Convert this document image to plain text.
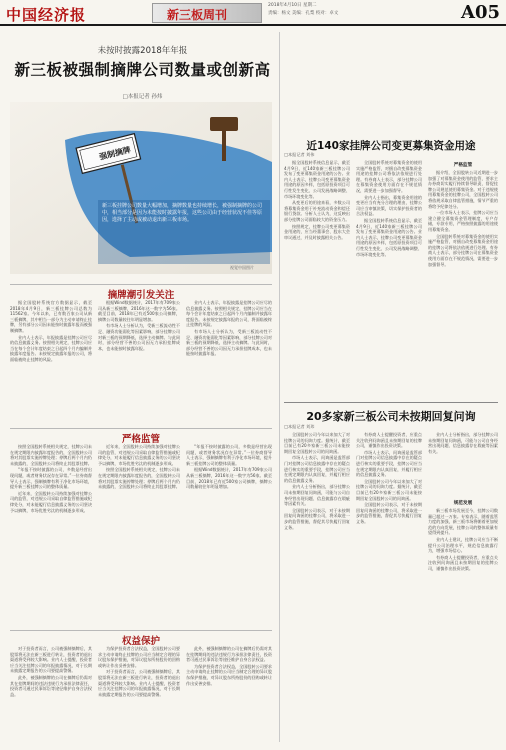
中国经济报	新三板周刊
2018年4月10日 星期二
责编：杨文 美编：孔梨 校对：卓文	A05
未按时披露2018年年报
新三板被强制摘牌公司数量或创新高
□本报记者 孙炜
强制摘牌
新三板挂牌公司数量大幅增加，摘牌数量也持续增长，被强制摘牌的公司中，相当部分是因为未能按时披露年报，这些公司由于经营状况不佳等原因，选择了主动或被动退出新三板市场。
视觉中国图片
摘牌潮引发关注
据全国股转系统官方数据显示，截至2018年4月9日，新三板挂牌公司总数为11562家。今年以来，已有数百家公司从新三板摘牌，其中相当一部分为主动申请终止挂牌，另有部分公司因未能按时披露年报而被强制摘牌。
业内人士表示，年报披露是挂牌公司应尽的信息披露义务。按照相关规定，挂牌公司应当在每个会计年度结束之日起四个月内编制并披露年度报告。未按规定披露年报的公司，将面临被终止挂牌的风险。
根据Wind数据统计，2017年有709家公司从新三板摘牌，2016年这一数字为56家。截至目前，2018年已有近500家公司摘牌，摘牌公司数量较往年明显增加。
有市场人士分析认为，受新三板流动性不足、融资功能弱化等因素影响，部分挂牌公司对新三板的预期降低，选择主动摘牌。与此同时，部分经营不善的公司因无力承担挂牌成本，也未能按时披露年报。
业内人士表示，年报披露是挂牌公司应尽的信息披露义务。按照相关规定，挂牌公司应当在每个会计年度结束之日起四个月内编制并披露年度报告。未按规定披露年报的公司，将面临被终止挂牌的风险。
有市场人士分析认为，受新三板流动性不足、融资功能弱化等因素影响，部分挂牌公司对新三板的预期降低，选择主动摘牌。与此同时，部分经营不善的公司因无力承担挂牌成本，也未能按时披露年报。
严格监管
按照全国股转系统相关规定，挂牌公司未在规定期限内披露年度报告的，全国股转公司将对其股票实施停牌处理；停牌后两个月内仍未披露的，全国股转公司将终止其股票挂牌。
“年报不按时披露的公司，多数是经营出现问题，或者财务状况存在异常。”一位券商督导人士表示，强制摘牌有利于净化市场环境，提升新三板挂牌公司的整体质量。
近年来，全国股转公司持续加强对挂牌公司的监管，对违规公司采取自律监管措施或纪律处分，对未能履行信息披露义务的公司坚决予以摘牌，市场优胜劣汰的机制逐步形成。
近年来，全国股转公司持续加强对挂牌公司的监管，对违规公司采取自律监管措施或纪律处分，对未能履行信息披露义务的公司坚决予以摘牌，市场优胜劣汰的机制逐步形成。
按照全国股转系统相关规定，挂牌公司未在规定期限内披露年度报告的，全国股转公司将对其股票实施停牌处理；停牌后两个月内仍未披露的，全国股转公司将终止其股票挂牌。
“年报不按时披露的公司，多数是经营出现问题，或者财务状况存在异常。”一位券商督导人士表示，强制摘牌有利于净化市场环境，提升新三板挂牌公司的整体质量。
根据Wind数据统计，2017年有709家公司从新三板摘牌，2016年这一数字为56家。截至目前，2018年已有近500家公司摘牌，摘牌公司数量较往年明显增加。
权益保护
对于投资者而言，公司被强制摘牌后，其股票将无法在新三板进行转让，投资者的退出渠道将受到较大影响。业内人士提醒，投资者应当关注挂牌公司的年报披露情况，对于长期未披露定期报告的公司要提高警惕。
此外，被强制摘牌的公司在摘牌后仍需对其在挂牌期间的违法违规行为承担法律责任，投资者可通过民事诉讼等途径维护自身合法权益。
为保护投资者合法权益，全国股转公司要求主动申请终止挂牌的公司应当制定合理的异议股东保护措施，对异议股东所持股份的回购或转让作出妥善安排。
对于投资者而言，公司被强制摘牌后，其股票将无法在新三板进行转让，投资者的退出渠道将受到较大影响。业内人士提醒，投资者应当关注挂牌公司的年报披露情况，对于长期未披露定期报告的公司要提高警惕。
此外，被强制摘牌的公司在摘牌后仍需对其在挂牌期间的违法违规行为承担法律责任，投资者可通过民事诉讼等途径维护自身合法权益。
为保护投资者合法权益，全国股转公司要求主动申请终止挂牌的公司应当制定合理的异议股东保护措施，对异议股东所持股份的回购或转让作出妥善安排。
近140家挂牌公司变更募集资金用途
□本报记者 刘伟
据全国股转系统信息显示，截至4月9日，近140家新三板挂牌公司发布了变更募集资金用途的公告。业内人士表示，挂牌公司变更募集资金用途的原因多样，包括原投资项目可行性发生变化、公司发展战略调整、市场环境变化等。
从变更后的用途来看，多数公司将募集资金用于补充流动资金和偿还银行贷款。分析人士认为，这反映出部分挂牌公司面临较大的资金压力。
按照规定，挂牌公司变更募集资金用途的，应当经董事会、股东大会审议通过，并及时披露相关公告。
全国股转系统对募集资金的使用实施严格监管，对擅自改变募集资金用途的挂牌公司将依法依规进行处理。有券商人士表示，部分挂牌公司在募集资金使用方面存在不规范情况，需要进一步加强督导。
业内人士指出，募集资金用途的变更应当有充分合理的理由，挂牌公司应当审慎决策，切实保护投资者的合法权益。
据全国股转系统信息显示，截至4月9日，近140家新三板挂牌公司发布了变更募集资金用途的公告。业内人士表示，挂牌公司变更募集资金用途的原因多样，包括原投资项目可行性发生变化、公司发展战略调整、市场环境变化等。
严格监管
据介绍，全国股转公司近期进一步加强了对募集资金使用的监管，要求主办券商切实履行持续督导职责，督促挂牌公司规范使用募集资金。对于违规使用募集资金的挂牌公司，全国股转公司将依规采取自律监管措施，情节严重的将给予纪律处分。
一位市场人士表示，挂牌公司应当建立健全募集资金管理制度，专户存储，专款专用，严格按照披露的用途使用募集资金。
全国股转系统对募集资金的使用实施严格监管，对擅自改变募集资金用途的挂牌公司将依法依规进行处理。有券商人士表示，部分挂牌公司在募集资金使用方面存在不规范情况，需要进一步加强督导。
20多家新三板公司未按期回复问询
□本报记者 刘玮
全国股转公司今年以来加大了对挂牌公司的问询力度。据统计，截至目前已有20多家新三板公司未能按期回复全国股转公司的问询函。
市场人士表示，问询函是监管部门对挂牌公司信息披露中存在的疑点进行核实的重要手段，挂牌公司应当在规定期限内认真回复，并履行相应的信息披露义务。
业内人士分析指出，部分挂牌公司未按期回复问询函，可能与公司自身经营出现问题、信息披露存在瑕疵等因素有关。
全国股转公司表示，对于未按期回复问询函的挂牌公司，将采取进一步的监管措施，督促其尽快履行回复义务。
有券商人士提醒投资者，应重点关注收到问询函且未按期回复的挂牌公司，谨慎作出投资决策。
市场人士表示，问询函是监管部门对挂牌公司信息披露中存在的疑点进行核实的重要手段，挂牌公司应当在规定期限内认真回复，并履行相应的信息披露义务。
全国股转公司今年以来加大了对挂牌公司的问询力度。据统计，截至目前已有20多家新三板公司未能按期回复全国股转公司的问询函。
全国股转公司表示，对于未按期回复问询函的挂牌公司，将采取进一步的监管措施，督促其尽快履行回复义务。
规范发展
业内人士分析指出，部分挂牌公司未按期回复问询函，可能与公司自身经营出现问题、信息披露存在瑕疵等因素有关。
新三板市场发展至今，挂牌公司数量已超过一万家。专家表示，随着监管力度的加强，新三板市场将朝着更加规范的方向发展，挂牌公司的整体质量有望得到提升。
业内人士建议，挂牌公司应当不断提升公司治理水平，规范信息披露行为，增强市场信心。
有券商人士提醒投资者，应重点关注收到问询函且未按期回复的挂牌公司，谨慎作出投资决策。
